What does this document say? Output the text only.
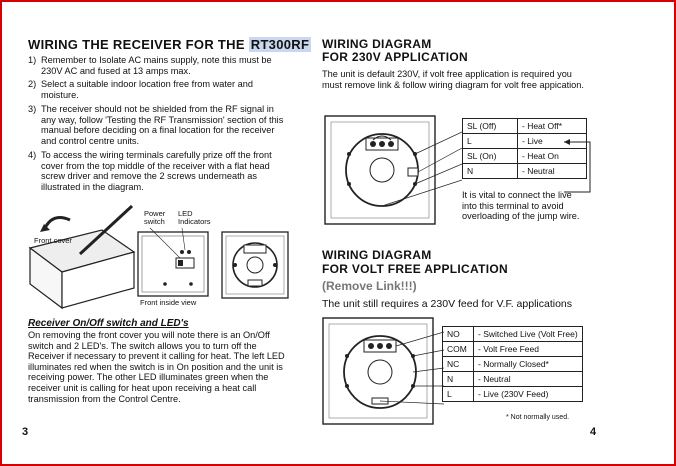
WIRING THE RECEIVER FOR THE RT300RF
1) Remember to Isolate AC mains supply, note this must be 230V AC and fused at 13 amps max.
2) Select a suitable indoor location free from water and moisture.
3) The receiver should not be shielded from the RF signal in any way, follow 'Testing the RF Transmission' section of this manual before deciding on a final location for the receiver and control centre units.
4) To access the wiring terminals carefully prize off the front cover from the top middle of the receiver with a flat head screw driver and remove the 2 screws underneath as illustrated in the diagram.
Front cover
Power switch
LED Indicators
Front inside view
Receiver On/Off switch and LED's
On removing the front cover you will note there is an On/Off switch and 2 LED's. The switch allows you to turn off the Receiver if necessary to prevent it calling for heat. The left LED illuminates red when the switch is in On position and the unit is receiving power. The other LED illuminates green when the receiver unit is calling for heat upon receiving a heat call transmission from the Control Centre.
3
WIRING DIAGRAM
FOR 230V APPLICATION
The unit is default 230V, if volt free application is required you must remove link & follow wiring diagram for volt free appication.
SL (Off)	- Heat Off*
L	- Live
SL (On)	- Heat On
N	- Neutral
It is vital to connect the live into this terminal to avoid overloading of the jump wire.
WIRING DIAGRAM
FOR VOLT FREE APPLICATION
(Remove Link!!!)
The unit still requires a 230V feed for V.F. applications
NO	- Switched Live (Volt Free)
COM	- Volt Free Feed
NC	- Normally Closed*
N	- Neutral
L	- Live (230V Feed)
* Not normally used.
4
